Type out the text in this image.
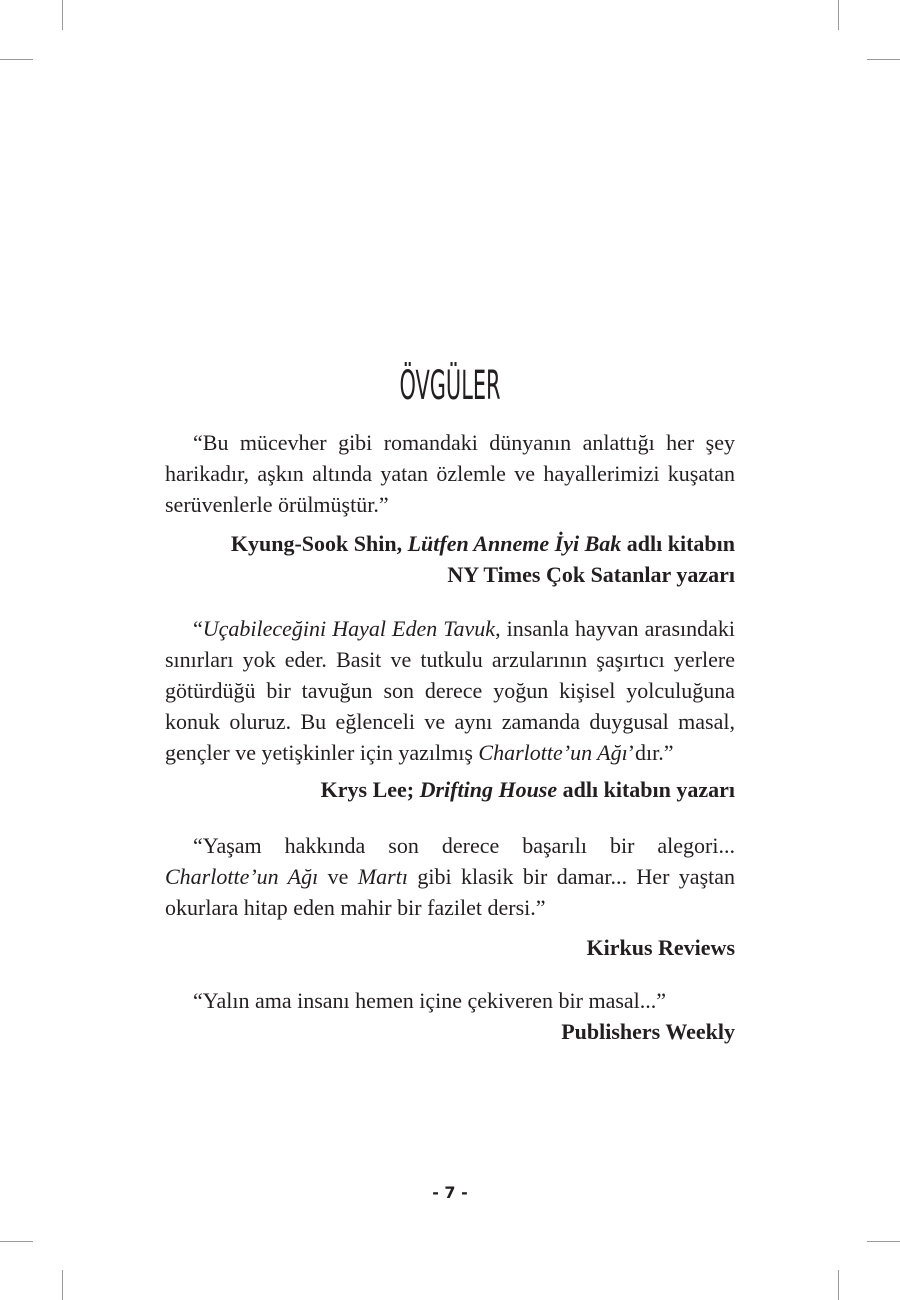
ÖVGÜLER

“Bu mücevher gibi romandaki dünyanın anlattığı her şey harikadır, aşkın altında yatan özlemle ve hayallerimizi kuşatan serüvenlerle örülmüştür.”

Kyung-Sook Shin, Lütfen Anneme İyi Bak adlı kitabın

NY Times Çok Satanlar yazarı

“Uçabileceğini Hayal Eden Tavuk, insanla hayvan arasındaki sınırları yok eder. Basit ve tutkulu arzularının şaşırtıcı yerlere götürdüğü bir tavuğun son derece yoğun kişisel yolculuğuna konuk oluruz. Bu eğlenceli ve aynı zamanda duygusal masal, gençler ve yetişkinler için yazılmış Charlotte’un Ağı’dır.”

Krys Lee; Drifting House adlı kitabın yazarı

“Yaşam hakkında son derece başarılı bir alegori... Charlotte’un Ağı ve Martı gibi klasik bir damar... Her yaştan okurlara hitap eden mahir bir fazilet dersi.”

Kirkus Reviews

“Yalın ama insanı hemen içine çekiveren bir masal...”

Publishers Weekly

- 7 -
